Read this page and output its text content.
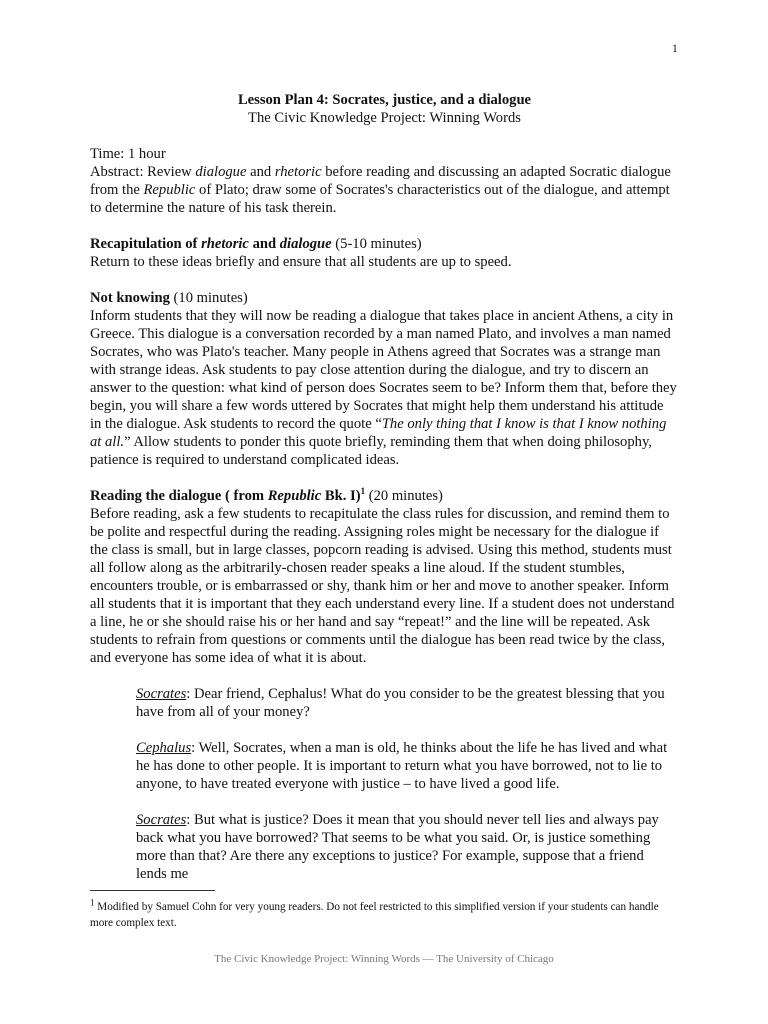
1
Lesson Plan 4: Socrates, justice, and a dialogue
The Civic Knowledge Project: Winning Words

Time: 1 hour

Abstract: Review dialogue and rhetoric before reading and discussing an adapted Socratic dialogue from the Republic of Plato; draw some of Socrates's characteristics out of the dialogue, and attempt to determine the nature of his task therein.

Recapitulation of rhetoric and dialogue (5-10 minutes)

Return to these ideas briefly and ensure that all students are up to speed.

Not knowing (10 minutes)

Inform students that they will now be reading a dialogue that takes place in ancient Athens, a city in Greece. This dialogue is a conversation recorded by a man named Plato, and involves a man named Socrates, who was Plato's teacher. Many people in Athens agreed that Socrates was a strange man with strange ideas. Ask students to pay close attention during the dialogue, and try to discern an answer to the question: what kind of person does Socrates seem to be? Inform them that, before they begin, you will share a few words uttered by Socrates that might help them understand his attitude in the dialogue. Ask students to record the quote “The only thing that I know is that I know nothing at all.” Allow students to ponder this quote briefly, reminding them that when doing philosophy, patience is required to understand complicated ideas.

Reading the dialogue ( from Republic Bk. I)$^1$ (20 minutes)

Before reading, ask a few students to recapitulate the class rules for discussion, and remind them to be polite and respectful during the reading. Assigning roles might be necessary for the dialogue if the class is small, but in large classes, popcorn reading is advised. Using this method, students must all follow along as the arbitrarily-chosen reader speaks a line aloud. If the student stumbles, encounters trouble, or is embarrassed or shy, thank him or her and move to another speaker. Inform all students that it is important that they each understand every line. If a student does not understand a line, he or she should raise his or her hand and say “repeat!” and the line will be repeated. Ask students to refrain from questions or comments until the dialogue has been read twice by the class, and everyone has some idea of what it is about.

Socrates: Dear friend, Cephalus! What do you consider to be the greatest blessing that you have from all of your money?

Cephalus: Well, Socrates, when a man is old, he thinks about the life he has lived and what he has done to other people. It is important to return what you have borrowed, not to lie to anyone, to have treated everyone with justice – to have lived a good life.

Socrates: But what is justice? Does it mean that you should never tell lies and always pay back what you have borrowed? That seems to be what you said. Or, is justice something more than that? Are there any exceptions to justice? For example, suppose that a friend lends me

$^1$ Modified by Samuel Cohn for very young readers. Do not feel restricted to this simplified version if your students can handle more complex text.
The Civic Knowledge Project: Winning Words — The University of Chicago
